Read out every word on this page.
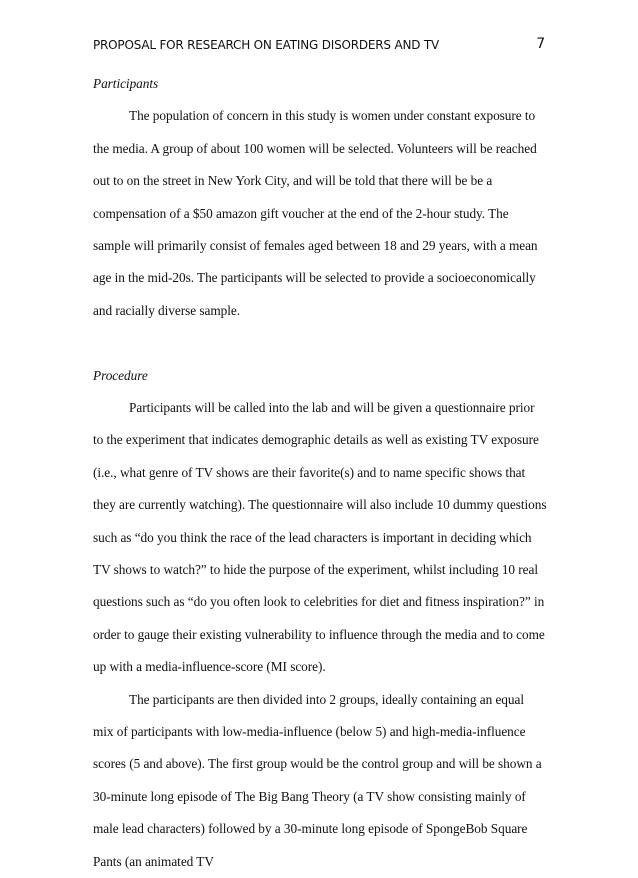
PROPOSAL FOR RESEARCH ON EATING DISORDERS AND TV	7

Participants

The population of concern in this study is women under constant exposure to the media. A group of about 100 women will be selected. Volunteers will be reached out to on the street in New York City, and will be told that there will be be a compensation of a $50 amazon gift voucher at the end of the 2-hour study. The sample will primarily consist of females aged between 18 and 29 years, with a mean age in the mid-20s. The participants will be selected to provide a socioeconomically and racially diverse sample.

Procedure

Participants will be called into the lab and will be given a questionnaire prior to the experiment that indicates demographic details as well as existing TV exposure (i.e., what genre of TV shows are their favorite(s) and to name specific shows that they are currently watching). The questionnaire will also include 10 dummy questions such as “do you think the race of the lead characters is important in deciding which TV shows to watch?” to hide the purpose of the experiment, whilst including 10 real questions such as “do you often look to celebrities for diet and fitness inspiration?” in order to gauge their existing vulnerability to influence through the media and to come up with a media-influence-score (MI score).

The participants are then divided into 2 groups, ideally containing an equal mix of participants with low-media-influence (below 5) and high-media-influence scores (5 and above). The first group would be the control group and will be shown a 30-minute long episode of The Big Bang Theory (a TV show consisting mainly of male lead characters) followed by a 30-minute long episode of SpongeBob Square Pants (an animated TV
